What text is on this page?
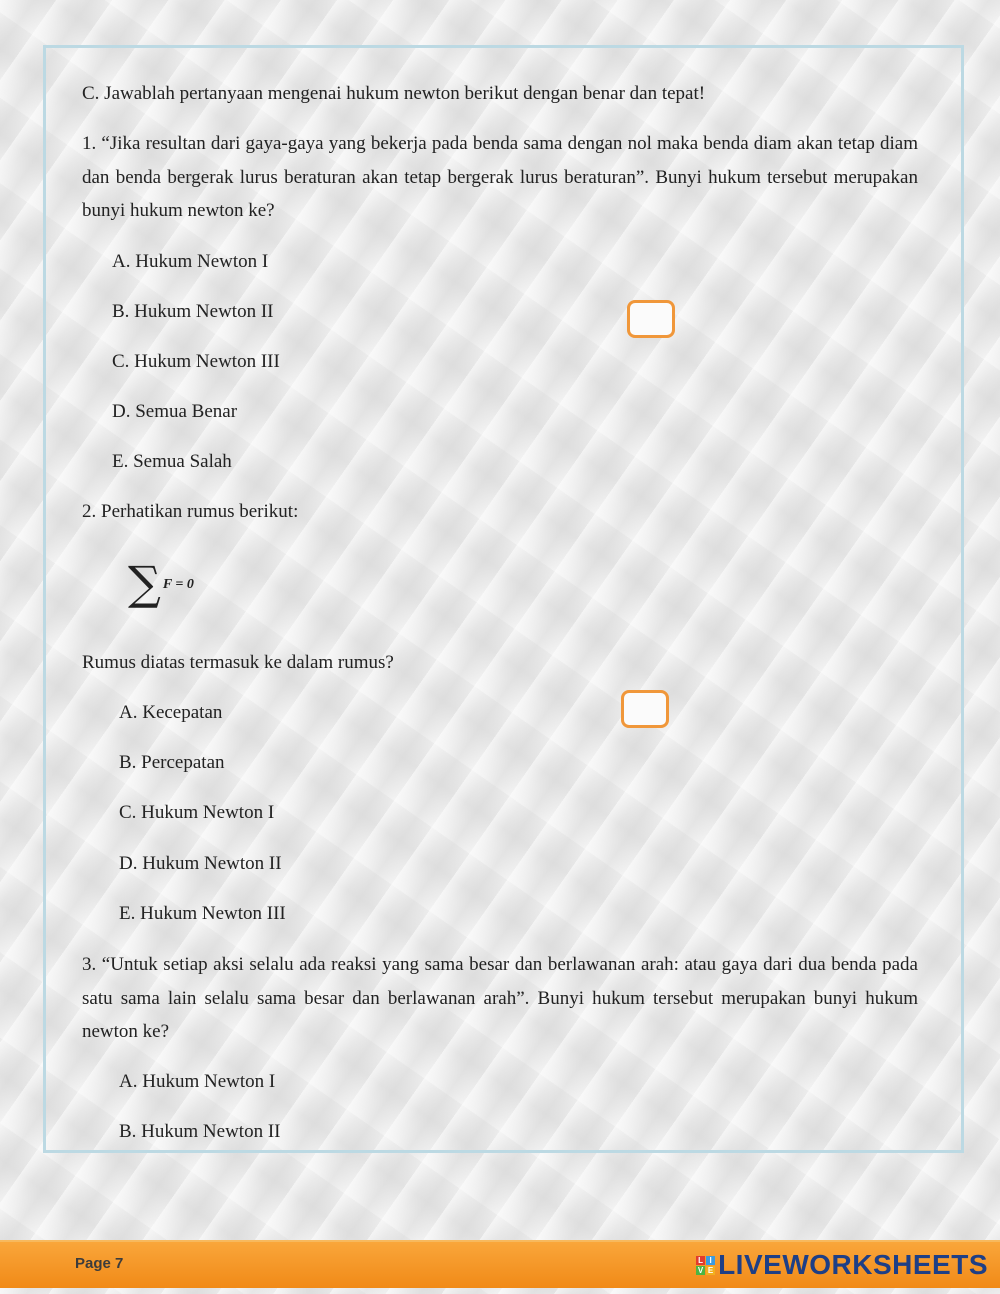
C. Jawablah pertanyaan mengenai hukum newton berikut dengan benar dan tepat!
1. “Jika resultan dari gaya-gaya yang bekerja pada benda sama dengan nol maka benda diam akan tetap diam dan benda bergerak lurus beraturan akan tetap bergerak lurus beraturan”. Bunyi hukum tersebut merupakan bunyi hukum newton ke?
A. Hukum Newton I
B. Hukum Newton II
C. Hukum Newton III
D. Semua Benar
E. Semua Salah
2. Perhatikan rumus berikut:
∑ F = 0
Rumus diatas termasuk ke dalam rumus?
A. Kecepatan
B. Percepatan
C. Hukum Newton I
D. Hukum Newton II
E. Hukum Newton III
3. “Untuk setiap aksi selalu ada reaksi yang sama besar dan berlawanan arah: atau gaya dari dua benda pada satu sama lain selalu sama besar dan berlawanan arah”. Bunyi hukum tersebut merupakan bunyi hukum newton ke?
A. Hukum Newton I
B. Hukum Newton II
Page 7	L I
V E LIVEWORKSHEETS
